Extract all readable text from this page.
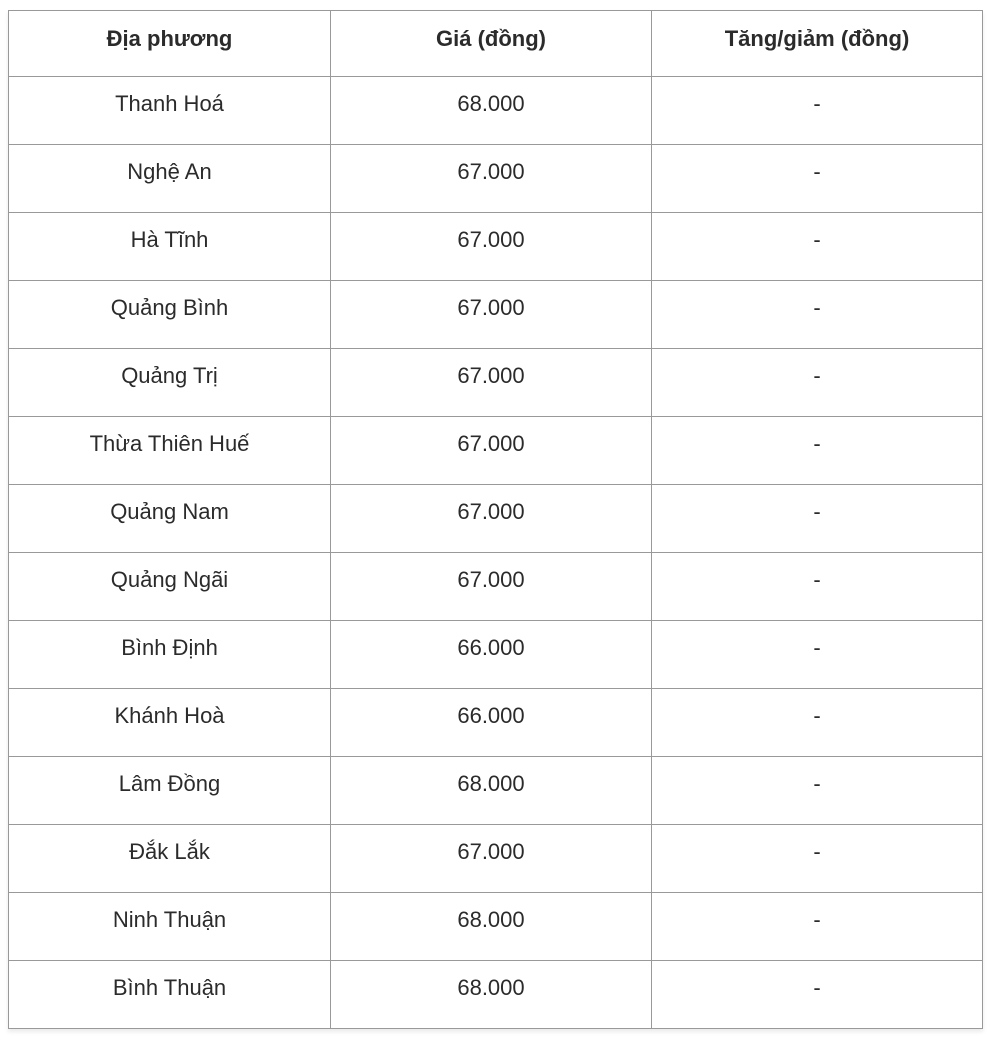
Địa phương	Giá (đồng)	Tăng/giảm (đồng)
Thanh Hoá	68.000	-
Nghệ An	67.000	-
Hà Tĩnh	67.000	-
Quảng Bình	67.000	-
Quảng Trị	67.000	-
Thừa Thiên Huế	67.000	-
Quảng Nam	67.000	-
Quảng Ngãi	67.000	-
Bình Định	66.000	-
Khánh Hoà	66.000	-
Lâm Đồng	68.000	-
Đắk Lắk	67.000	-
Ninh Thuận	68.000	-
Bình Thuận	68.000	-
